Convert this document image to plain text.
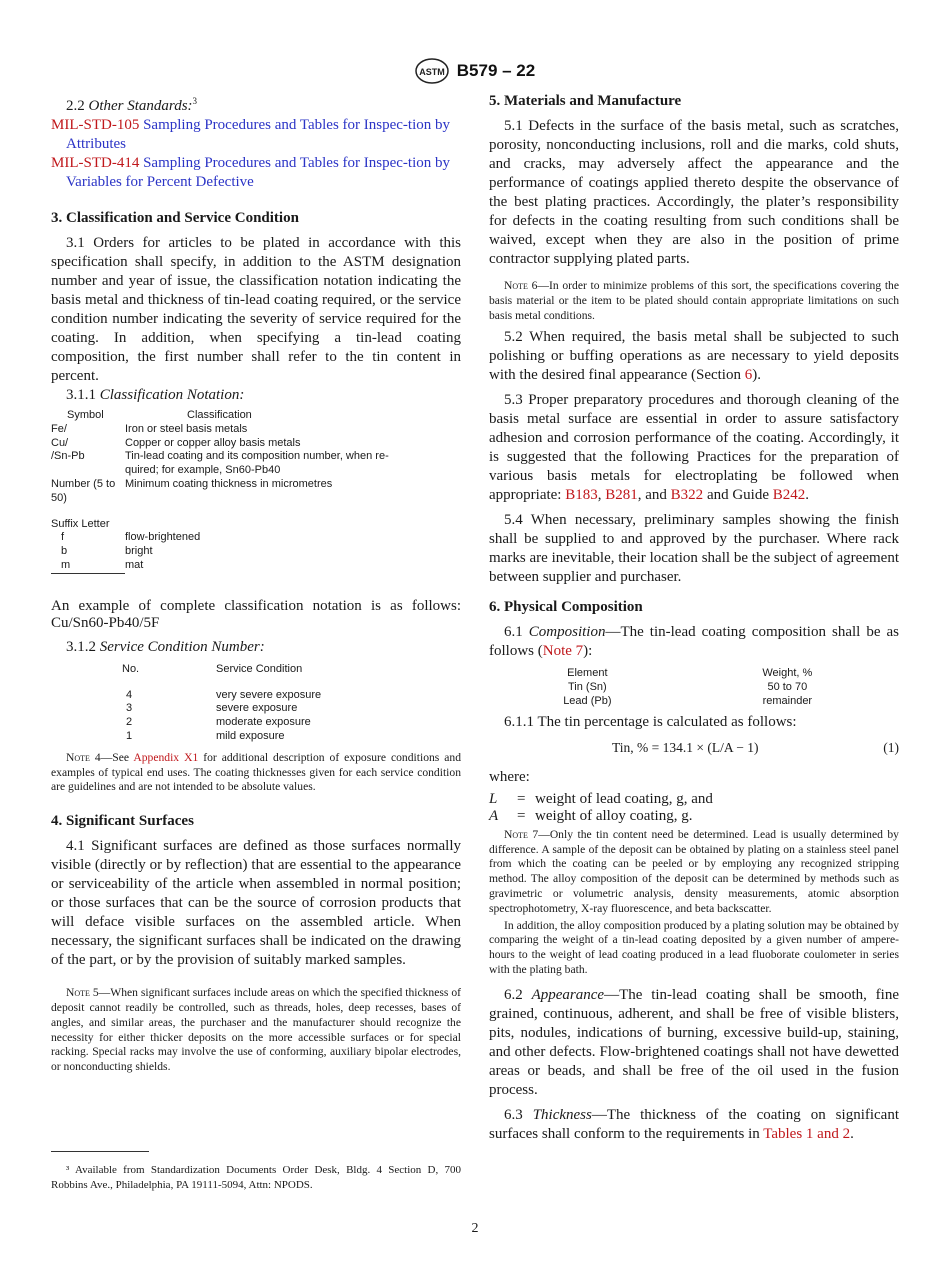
ASTM B579 – 22

2.2 Other Standards:$^3$

MIL-STD-105 Sampling Procedures and Tables for Inspec-tion by Attributes
MIL-STD-414 Sampling Procedures and Tables for Inspec-tion by Variables for Percent Defective
3. Classification and Service Condition

3.1 Orders for articles to be plated in accordance with this specification shall specify, in addition to the ASTM designation number and year of issue, the classification notation indicating the basis metal and thickness of tin-lead coating required, or the service condition number indicating the severity of service required for the coating. In addition, when specifying a tin-lead coating composition, the first number shall refer to the tin content in percent.

3.1.1 Classification Notation:

Symbol	Classification
Fe/	Iron or steel basis metals
Cu/	Copper or copper alloy basis metals
/Sn-Pb	Tin-lead coating and its composition number, when re-quired; for example, Sn60-Pb40
Number (5 to 50)	Minimum coating thickness in micrometres

Suffix Letter	
f	flow-brightened
b	bright
m	mat

An example of complete classification notation is as follows: Cu/Sn60-Pb40/5F

3.1.2 Service Condition Number:

No.	Service Condition

4	very severe exposure
3	severe exposure
2	moderate exposure
1	mild exposure

Note 4—See Appendix X1 for additional description of exposure conditions and examples of typical end uses. The coating thicknesses given for each service condition are guidelines and are not intended to be absolute values.

4. Significant Surfaces

4.1 Significant surfaces are defined as those surfaces normally visible (directly or by reflection) that are essential to the appearance or serviceability of the article when assembled in normal position; or those surfaces that can be the source of corrosion products that will deface visible surfaces on the assembled article. When necessary, the significant surfaces shall be indicated on the drawing of the part, or by the provision of suitably marked samples.

Note 5—When significant surfaces include areas on which the specified thickness of deposit cannot readily be controlled, such as threads, holes, deep recesses, bases of angles, and similar areas, the purchaser and the manufacturer should recognize the necessity for either thicker deposits on the more accessible surfaces or for special racking. Special racks may involve the use of conforming, auxiliary bipolar electrodes, or nonconducting shields.

³ Available from Standardization Documents Order Desk, Bldg. 4 Section D, 700 Robbins Ave., Philadelphia, PA 19111-5094, Attn: NPODS.

5. Materials and Manufacture

5.1 Defects in the surface of the basis metal, such as scratches, porosity, nonconducting inclusions, roll and die marks, cold shuts, and cracks, may adversely affect the appearance and the performance of coatings applied thereto despite the observance of the best plating practices. Accordingly, the plater’s responsibility for defects in the coating resulting from such conditions shall be waived, except when they are also in the position of prime contractor supplying plated parts.

Note 6—In order to minimize problems of this sort, the specifications covering the basis material or the item to be plated should contain appropriate limitations on such basis metal conditions.

5.2 When required, the basis metal shall be subjected to such polishing or buffing operations as are necessary to yield deposits with the desired final appearance (Section 6).

5.3 Proper preparatory procedures and thorough cleaning of the basis metal surface are essential in order to assure satisfactory adhesion and corrosion performance of the coating. Accordingly, it is suggested that the following Practices for the preparation of various basis metals for electroplating be followed when appropriate: B183, B281, and B322 and Guide B242.

5.4 When necessary, preliminary samples showing the finish shall be supplied to and approved by the purchaser. Where rack marks are inevitable, their location shall be the subject of agreement between supplier and purchaser.

6. Physical Composition

6.1 Composition—The tin-lead coating composition shall be as follows (Note 7):

Element	Weight, %
Tin (Sn)	50 to 70
Lead (Pb)	remainder

6.1.1 The tin percentage is calculated as follows:

Tin, % = 134.1 × (L/A − 1)	(1)

where:

L = weight of lead coating, g, and
A = weight of alloy coating, g.

Note 7—Only the tin content need be determined. Lead is usually determined by difference. A sample of the deposit can be obtained by plating on a stainless steel panel from which the coating can be peeled or by employing any recognized stripping method. The alloy composition of the deposit can be determined by methods such as gravimetric or volumetric analysis, density measurements, atomic absorption spectrophotometry, X-ray fluorescence, and beta backscatter.

In addition, the alloy composition produced by a plating solution may be obtained by comparing the weight of a tin-lead coating deposited by a given number of ampere-hours to the weight of lead coating produced in a lead fluoborate coulometer in series with the plating bath.

6.2 Appearance—The tin-lead coating shall be smooth, fine grained, continuous, adherent, and shall be free of visible blisters, pits, nodules, indications of burning, excessive build-up, staining, and other defects. Flow-brightened coatings shall not have dewetted areas or beads, and shall be free of the oil used in the fusion process.

6.3 Thickness—The thickness of the coating on significant surfaces shall conform to the requirements in Tables 1 and 2.

2
